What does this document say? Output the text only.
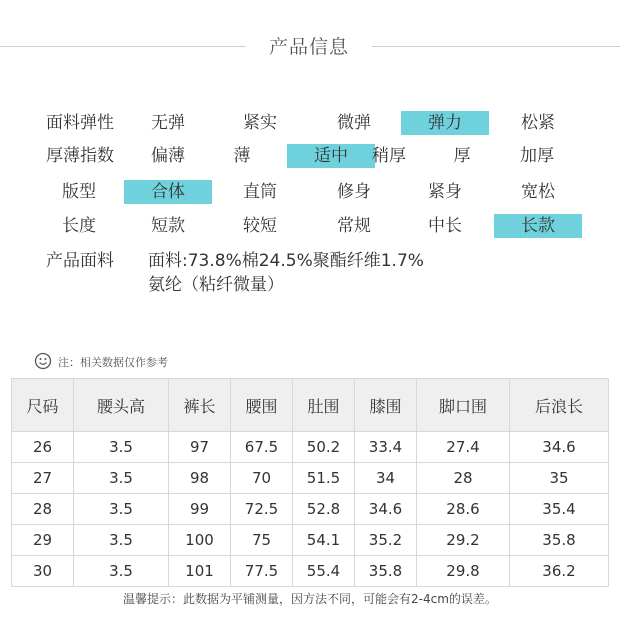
产品信息
面料弹性	无弹	紧实	微弹	弹力	松紧
厚薄指数	偏薄	薄	适中	稍厚	厚	加厚
版型	合体	直筒	修身	紧身	宽松
长度	短款	较短	常规	中长	长款
产品面料	面料:73.8%棉24.5%聚酯纤维1.7%
氨纶（粘纤微量）
注：相关数据仅作参考
尺码	腰头高	裤长	腰围	肚围	膝围	脚口围	后浪长
26	3.5	97	67.5	50.2	33.4	27.4	34.6
27	3.5	98	70	51.5	34	28	35
28	3.5	99	72.5	52.8	34.6	28.6	35.4
29	3.5	100	75	54.1	35.2	29.2	35.8
30	3.5	101	77.5	55.4	35.8	29.8	36.2
温馨提示：此数据为平铺测量，因方法不同，可能会有2-4cm的误差。
